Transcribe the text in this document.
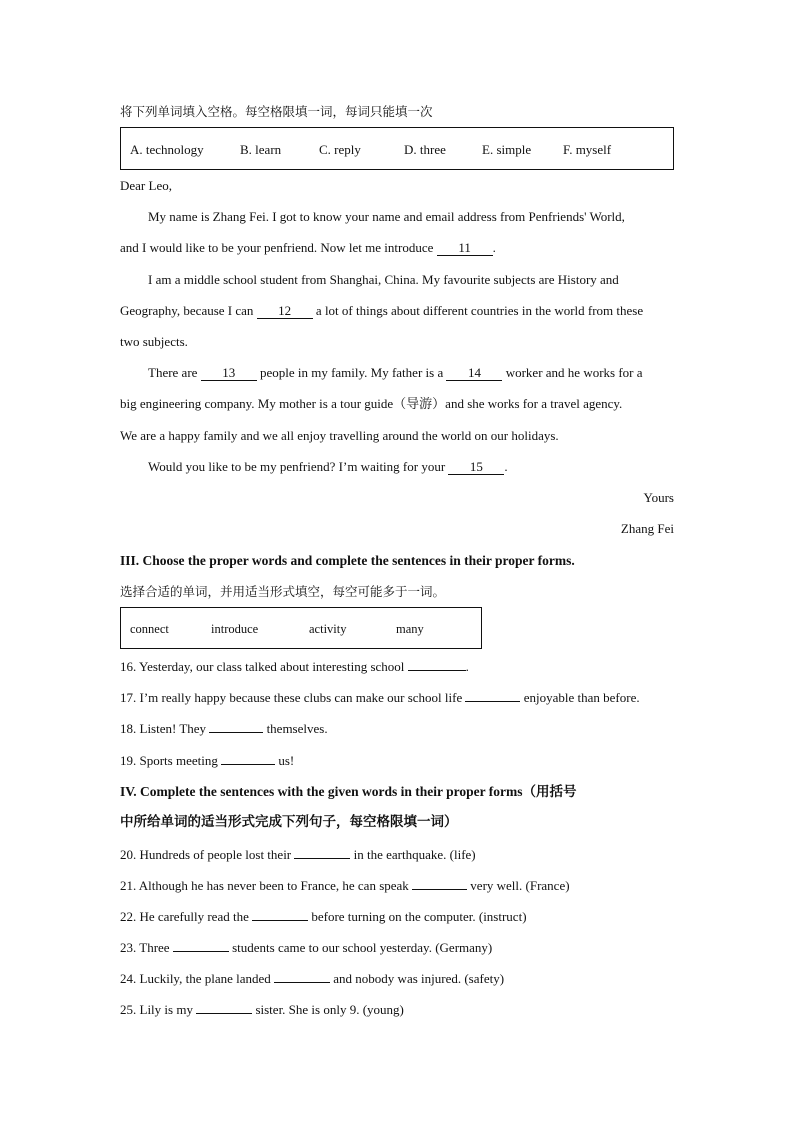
将下列单词填入空格。每空格限填一词，每词只能填一次
A. technology	B. learn	C. reply	D. three	E. simple F. myself
Dear Leo,
My name is Zhang Fei. I got to know your name and email address from Penfriends' World,
and I would like to be your penfriend. Now let me introduce 11 .
I am a middle school student from Shanghai, China. My favourite subjects are History and
Geography, because I can 12 a lot of things about different countries in the world from these
two subjects.
There are 13 people in my family. My father is a 14 worker and he works for a
big engineering company. My mother is a tour guide（导游）and she works for a travel agency.
We are a happy family and we all enjoy travelling around the world on our holidays.
Would you like to be my penfriend? I’m waiting for your 15 .
Yours
Zhang Fei
III. Choose the proper words and complete the sentences in their proper forms.
选择合适的单词，并用适当形式填空，每空可能多于一词。
connect	introduce	activity	many
16. Yesterday, our class talked about interesting school	.
17. I’m really happy because these clubs can make our school life	enjoyable than before.
18. Listen! They	themselves.
19. Sports meeting	us!
IV. Complete the sentences with the given words in their proper forms（用括号
中所给单词的适当形式完成下列句子，每空格限填一词）
20. Hundreds of people lost their	in the earthquake. (life)
21. Although he has never been to France, he can speak	very well. (France)
22. He carefully read the	before turning on the computer. (instruct)
23. Three	students came to our school yesterday. (Germany)
24. Luckily, the plane landed	and nobody was injured. (safety)
25. Lily is my	sister. She is only 9. (young)
